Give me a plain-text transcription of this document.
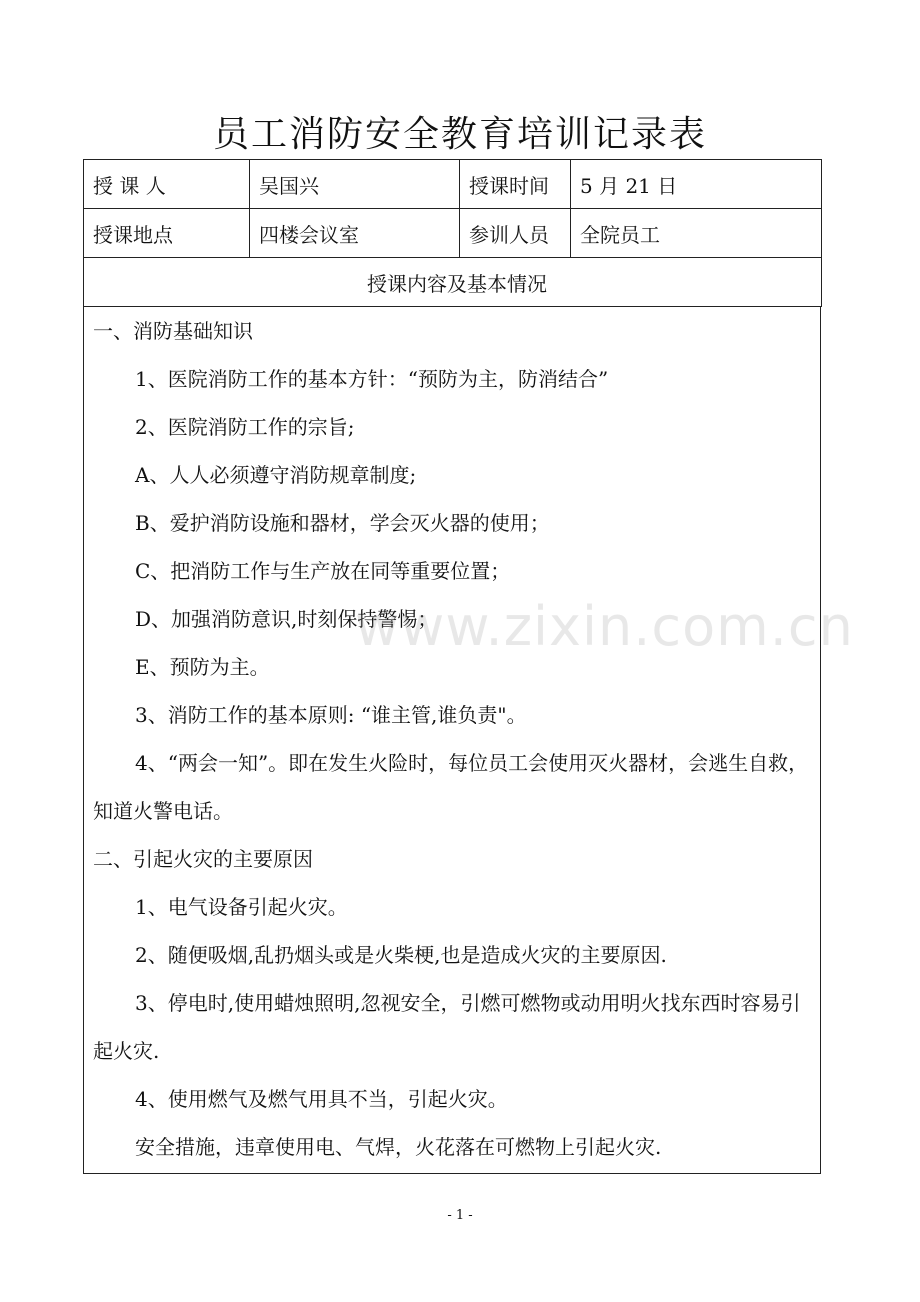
员工消防安全教育培训记录表
授 课 人	吴国兴	授课时间	5 月 21 日
授课地点	四楼会议室	参训人员	全院员工
授课内容及基本情况			

一、消防基础知识

1、医院消防工作的基本方针：“预防为主，防消结合”

2、医院消防工作的宗旨;

A、人人必须遵守消防规章制度;

B、爱护消防设施和器材，学会灭火器的使用；

C、把消防工作与生产放在同等重要位置；

D、加强消防意识,时刻保持警惕；

E、预防为主。

3、消防工作的基本原则: “谁主管,谁负责"。

4、“两会一知”。即在发生火险时，每位员工会使用灭火器材，会逃生自救，知道火警电话。

二、引起火灾的主要原因

1、电气设备引起火灾。

2、随便吸烟,乱扔烟头或是火柴梗,也是造成火灾的主要原因.

3、停电时,使用蜡烛照明,忽视安全，引燃可燃物或动用明火找东西时容易引起火灾.

4、使用燃气及燃气用具不当，引起火灾。

安全措施，违章使用电、气焊，火花落在可燃物上引起火灾.

www.zixin.com.cn
- 1 -
